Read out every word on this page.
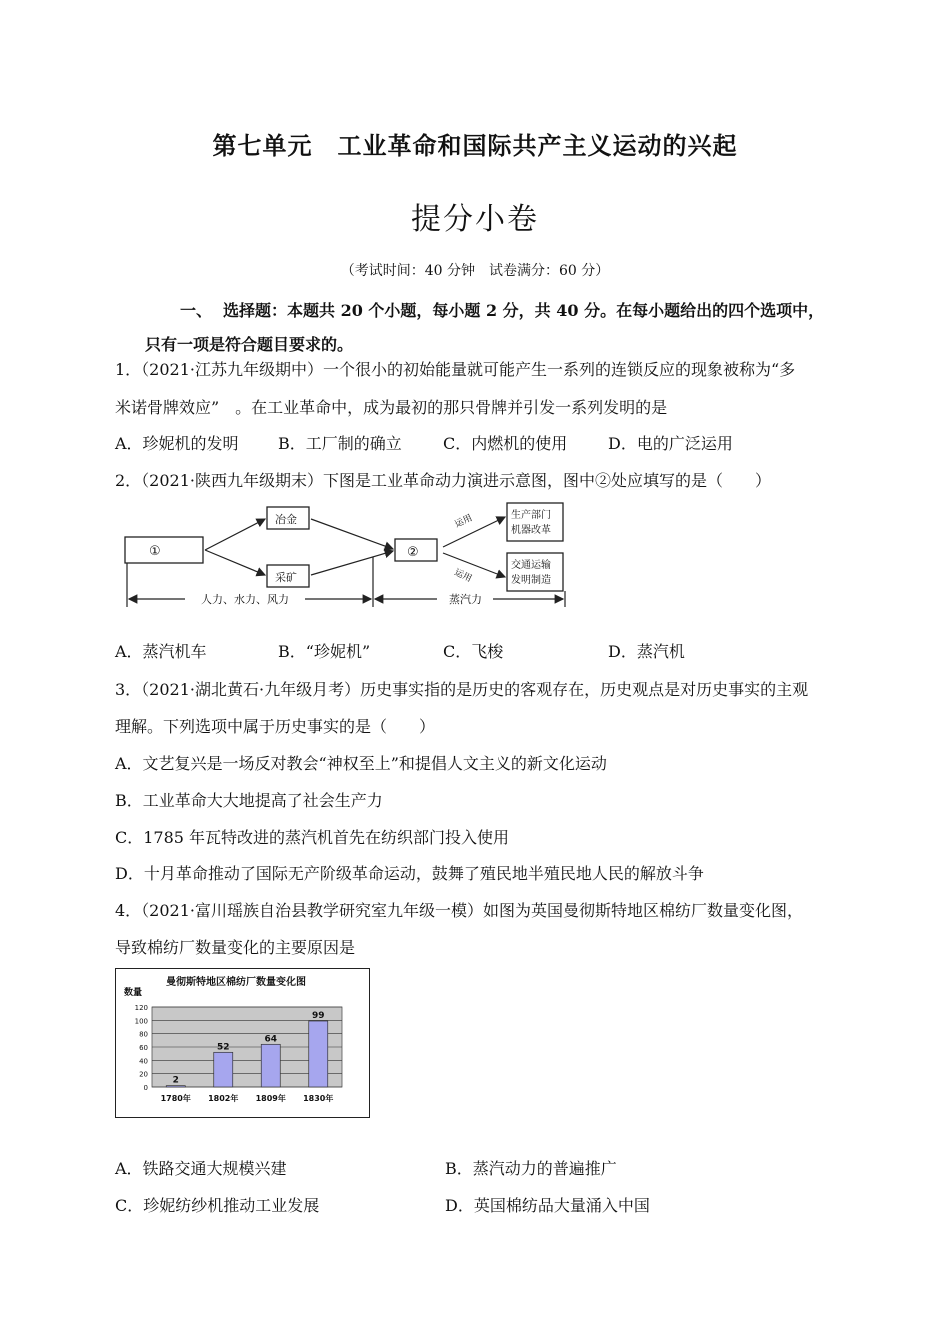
第七单元　工业革命和国际共产主义运动的兴起
提分小卷
（考试时间：40 分钟　试卷满分：60 分）
一、 选择题：本题共 20 个小题，每小题 2 分，共 40 分。在每小题给出的四个选项中，
只有一项是符合题目要求的。
1．（2021·江苏九年级期中）一个很小的初始能量就可能产生一系列的连锁反应的现象被称为“多
米诺骨牌效应”　。在工业革命中，成为最初的那只骨牌并引发一系列发明的是
A．珍妮机的发明 B．工厂制的确立	C．内燃机的使用	D．电的广泛运用
2．（2021·陕西九年级期末）下图是工业革命动力演进示意图，图中②处应填写的是（　　）
①
冶金
采矿
②
生产部门
机器改革
交通运输
发明制造
运用
运用
人力、水力、风力	蒸汽力
A．蒸汽机车	B．“珍妮机”	C．飞梭	D．蒸汽机
3．（2021·湖北黄石·九年级月考）历史事实指的是历史的客观存在，历史观点是对历史事实的主观
理解。下列选项中属于历史事实的是（　　）
A．文艺复兴是一场反对教会“神权至上”和提倡人文主义的新文化运动
B．工业革命大大地提高了社会生产力
C．1785 年瓦特改进的蒸汽机首先在纺织部门投入使用
D．十月革命推动了国际无产阶级革命运动，鼓舞了殖民地半殖民地人民的解放斗争
4．（2021·富川瑶族自治县教学研究室九年级一模）如图为英国曼彻斯特地区棉纺厂数量变化图，
导致棉纺厂数量变化的主要原因是
曼彻斯特地区棉纺厂数量变化图
数量
120
100
80
60
40
20
0
2
1780年
52
1802年
64
1809年
99
1830年
A．铁路交通大规模兴建	B．蒸汽动力的普遍推广
C．珍妮纺纱机推动工业发展	D．英国棉纺品大量涌入中国
